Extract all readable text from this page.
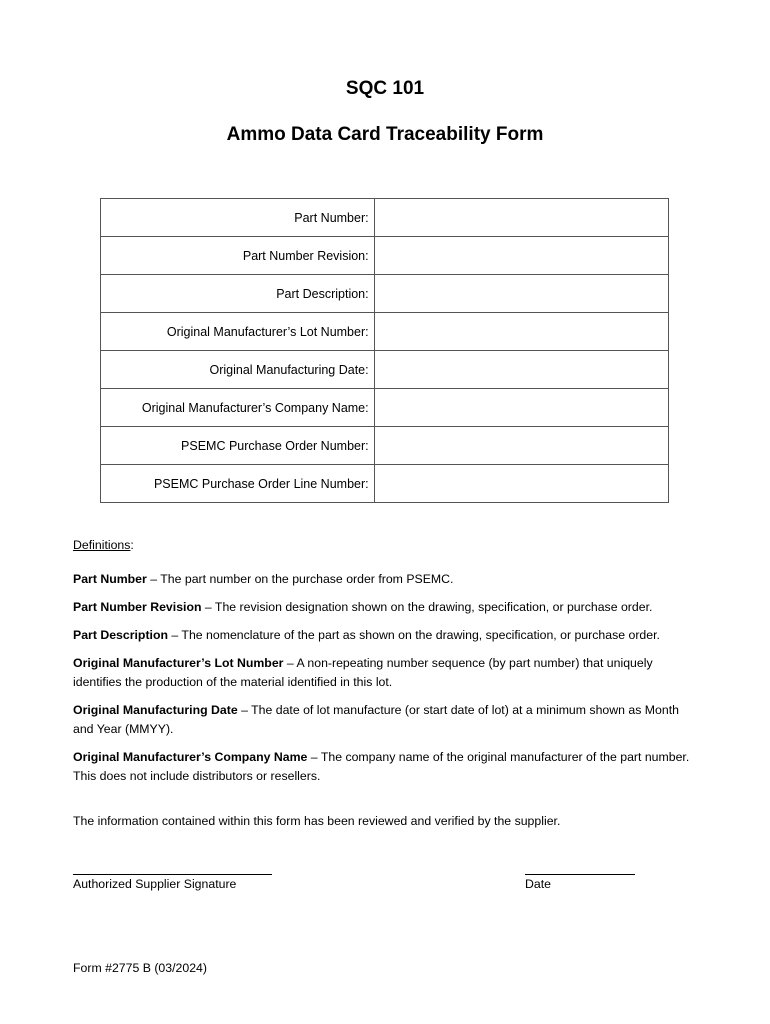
SQC 101
Ammo Data Card Traceability Form
Part Number:	
Part Number Revision:	
Part Description:	
Original Manufacturer’s Lot Number:	
Original Manufacturing Date:	
Original Manufacturer’s Company Name:	
PSEMC Purchase Order Number:	
PSEMC Purchase Order Line Number:	

Definitions:

Part Number – The part number on the purchase order from PSEMC.

Part Number Revision – The revision designation shown on the drawing, specification, or purchase order.

Part Description – The nomenclature of the part as shown on the drawing, specification, or purchase order.

Original Manufacturer’s Lot Number – A non-repeating number sequence (by part number) that uniquely identifies the production of the material identified in this lot.

Original Manufacturing Date – The date of lot manufacture (or start date of lot) at a minimum shown as Month and Year (MMYY).

Original Manufacturer’s Company Name – The company name of the original manufacturer of the part number. This does not include distributors or resellers.

The information contained within this form has been reviewed and verified by the supplier.

Authorized Supplier Signature	Date
Form #2775 B (03/2024)
